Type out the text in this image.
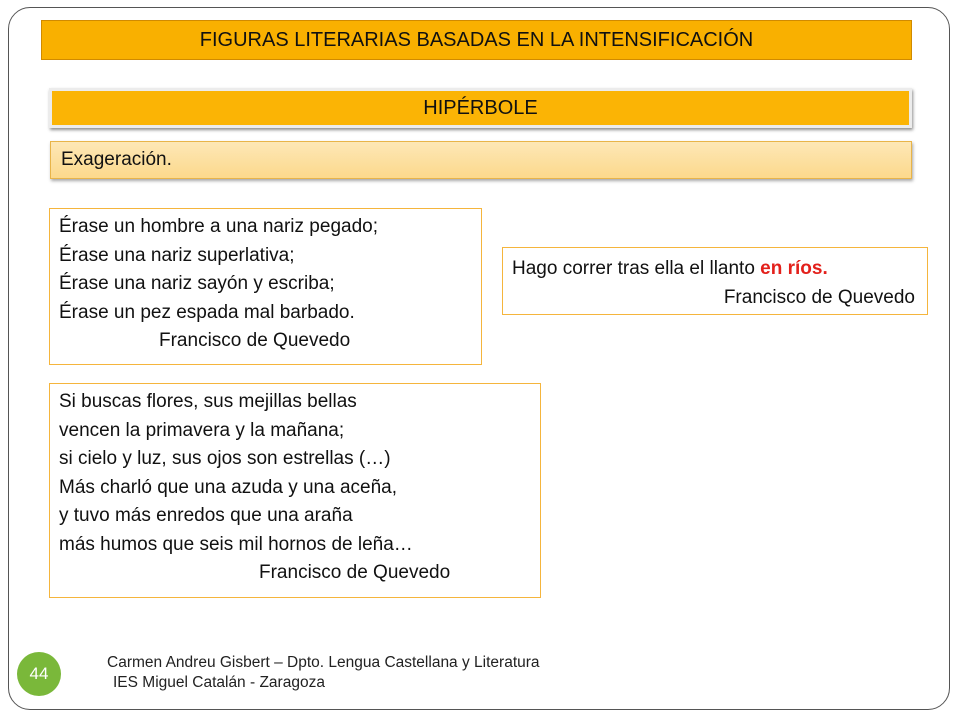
FIGURAS LITERARIAS BASADAS EN LA INTENSIFICACIÓN
HIPÉRBOLE
Exageración.
Érase un hombre a una nariz pegado;
Érase una nariz superlativa;
Érase una nariz sayón y escriba;
Érase un pez espada mal barbado.
Francisco de Quevedo
Hago correr tras ella el llanto en ríos.
Francisco de Quevedo
Si buscas flores, sus mejillas bellas
vencen la primavera y la mañana;
si cielo y luz, sus ojos son estrellas (…)
Más charló que una azuda y una aceña,
y tuvo más enredos que una araña
más humos que seis mil hornos de leña…
Francisco de Quevedo
44
Carmen Andreu Gisbert – Dpto. Lengua Castellana y Literatura
IES Miguel Catalán - Zaragoza
